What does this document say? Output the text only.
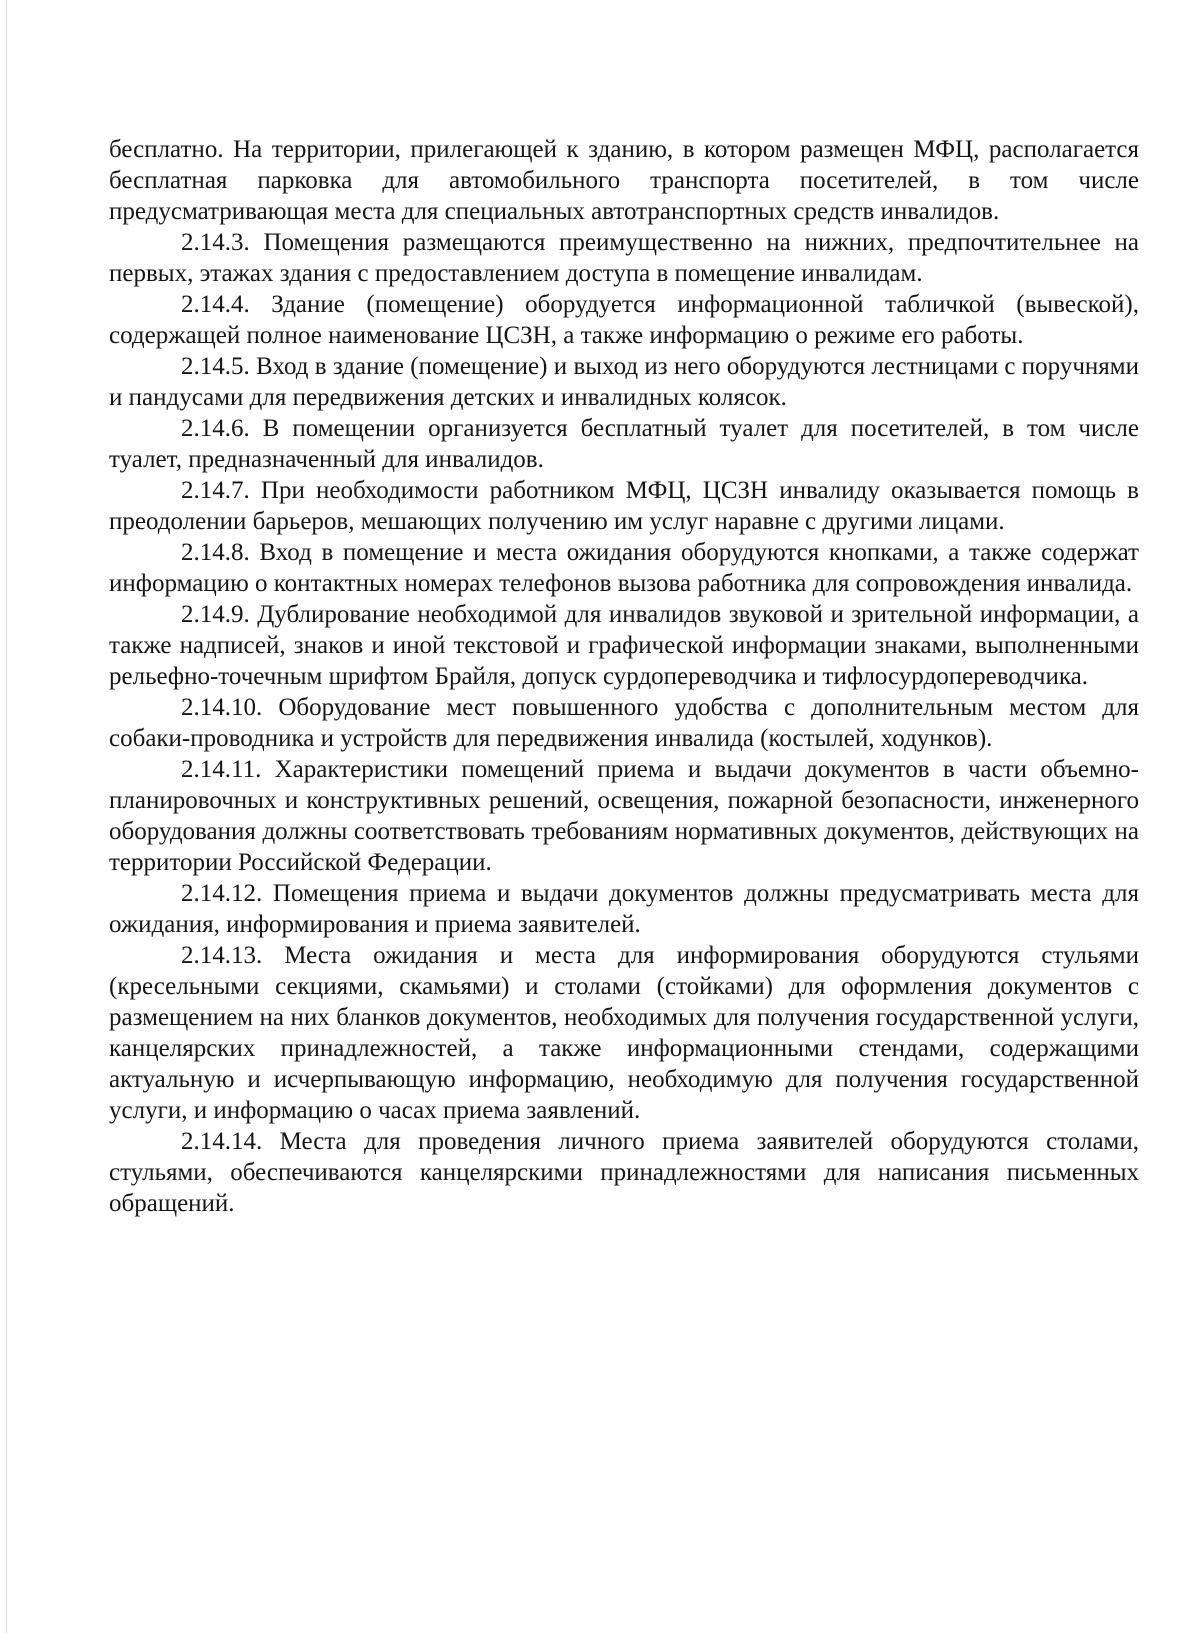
бесплатно. На территории, прилегающей к зданию, в котором размещен МФЦ, располагается бесплатная парковка для автомобильного транспорта посетителей, в том числе предусматривающая места для специальных автотранспортных средств инвалидов.

2.14.3. Помещения размещаются преимущественно на нижних, предпочтительнее на первых, этажах здания с предоставлением доступа в помещение инвалидам.

2.14.4. Здание (помещение) оборудуется информационной табличкой (вывеской), содержащей полное наименование ЦСЗН, а также информацию о режиме его работы.

2.14.5. Вход в здание (помещение) и выход из него оборудуются лестницами с поручнями и пандусами для передвижения детских и инвалидных колясок.

2.14.6. В помещении организуется бесплатный туалет для посетителей, в том числе туалет, предназначенный для инвалидов.

2.14.7. При необходимости работником МФЦ, ЦСЗН инвалиду оказывается помощь в преодолении барьеров, мешающих получению им услуг наравне с другими лицами.

2.14.8. Вход в помещение и места ожидания оборудуются кнопками, а также содержат информацию о контактных номерах телефонов вызова работника для сопровождения инвалида.

2.14.9. Дублирование необходимой для инвалидов звуковой и зрительной информации, а также надписей, знаков и иной текстовой и графической информации знаками, выполненными рельефно-точечным шрифтом Брайля, допуск сурдопереводчика и тифлосурдопереводчика.

2.14.10. Оборудование мест повышенного удобства с дополнительным местом для собаки-проводника и устройств для передвижения инвалида (костылей, ходунков).

2.14.11. Характеристики помещений приема и выдачи документов в части объемно-планировочных и конструктивных решений, освещения, пожарной безопасности, инженерного оборудования должны соответствовать требованиям нормативных документов, действующих на территории Российской Федерации.

2.14.12. Помещения приема и выдачи документов должны предусматривать места для ожидания, информирования и приема заявителей.

2.14.13. Места ожидания и места для информирования оборудуются стульями (кресельными секциями, скамьями) и столами (стойками) для оформления документов с размещением на них бланков документов, необходимых для получения государственной услуги, канцелярских принадлежностей, а также информационными стендами, содержащими актуальную и исчерпывающую информацию, необходимую для получения государственной услуги, и информацию о часах приема заявлений.

2.14.14. Места для проведения личного приема заявителей оборудуются столами, стульями, обеспечиваются канцелярскими принадлежностями для написания письменных обращений.
